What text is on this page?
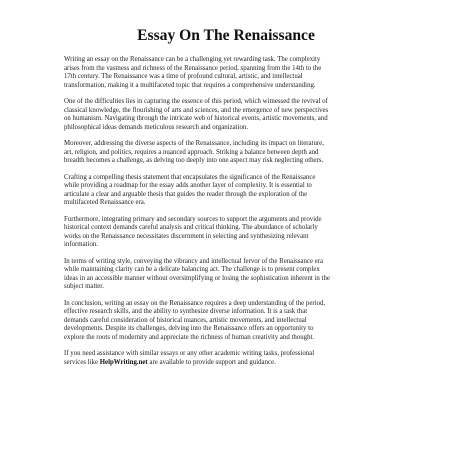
Essay On The Renaissance

Writing an essay on the Renaissance can be a challenging yet rewarding task. The complexity
arises from the vastness and richness of the Renaissance period, spanning from the 14th to the
17th century. The Renaissance was a time of profound cultural, artistic, and intellectual
transformation, making it a multifaceted topic that requires a comprehensive understanding.

One of the difficulties lies in capturing the essence of this period, which witnessed the revival of
classical knowledge, the flourishing of arts and sciences, and the emergence of new perspectives
on humanism. Navigating through the intricate web of historical events, artistic movements, and
philosophical ideas demands meticulous research and organization.

Moreover, addressing the diverse aspects of the Renaissance, including its impact on literature,
art, religion, and politics, requires a nuanced approach. Striking a balance between depth and
breadth becomes a challenge, as delving too deeply into one aspect may risk neglecting others.

Crafting a compelling thesis statement that encapsulates the significance of the Renaissance
while providing a roadmap for the essay adds another layer of complexity. It is essential to
articulate a clear and arguable thesis that guides the reader through the exploration of the
multifaceted Renaissance era.

Furthermore, integrating primary and secondary sources to support the arguments and provide
historical context demands careful analysis and critical thinking. The abundance of scholarly
works on the Renaissance necessitates discernment in selecting and synthesizing relevant
information.

In terms of writing style, conveying the vibrancy and intellectual fervor of the Renaissance era
while maintaining clarity can be a delicate balancing act. The challenge is to present complex
ideas in an accessible manner without oversimplifying or losing the sophistication inherent in the
subject matter.

In conclusion, writing an essay on the Renaissance requires a deep understanding of the period,
effective research skills, and the ability to synthesize diverse information. It is a task that
demands careful consideration of historical nuances, artistic movements, and intellectual
developments. Despite its challenges, delving into the Renaissance offers an opportunity to
explore the roots of modernity and appreciate the richness of human creativity and thought.

If you need assistance with similar essays or any other academic writing tasks, professional
services like HelpWriting.net are available to provide support and guidance.
